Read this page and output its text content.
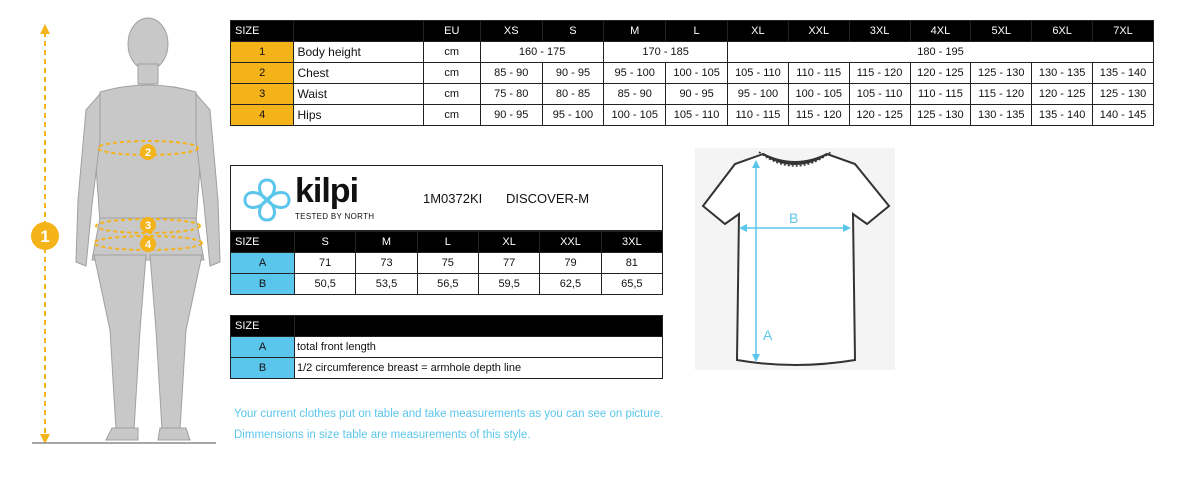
1
2
3
4
SIZE		EU	XS	S	M	L	XL	XXL	3XL	4XL	5XL	6XL	7XL
1	Body height	cm	160 - 175		170 - 185		180 - 195						
2	Chest	cm	85 - 90	90 - 95	95 - 100	100 - 105	105 - 110	110 - 115	115 - 120	120 - 125	125 - 130	130 - 135	135 - 140
3	Waist	cm	75 - 80	80 - 85	85 - 90	90 - 95	95 - 100	100 - 105	105 - 110	110 - 115	115 - 120	120 - 125	125 - 130
4	Hips	cm	90 - 95	95 - 100	100 - 105	105 - 110	110 - 115	115 - 120	120 - 125	125 - 130	130 - 135	135 - 140	140 - 145
kilpi
TESTED BY NORTH
1M0372KI DISCOVER-M
SIZE	S	M	L	XL	XXL	3XL
A	71	73	75	77	79	81
B	50,5	53,5	56,5	59,5	62,5	65,5
SIZE	
A	total front length
B	1/2 circumference breast = armhole depth line
Your current clothes put on table and take measurements as you can see on picture.
Dimmensions in size table are measurements of this style.
A
B
